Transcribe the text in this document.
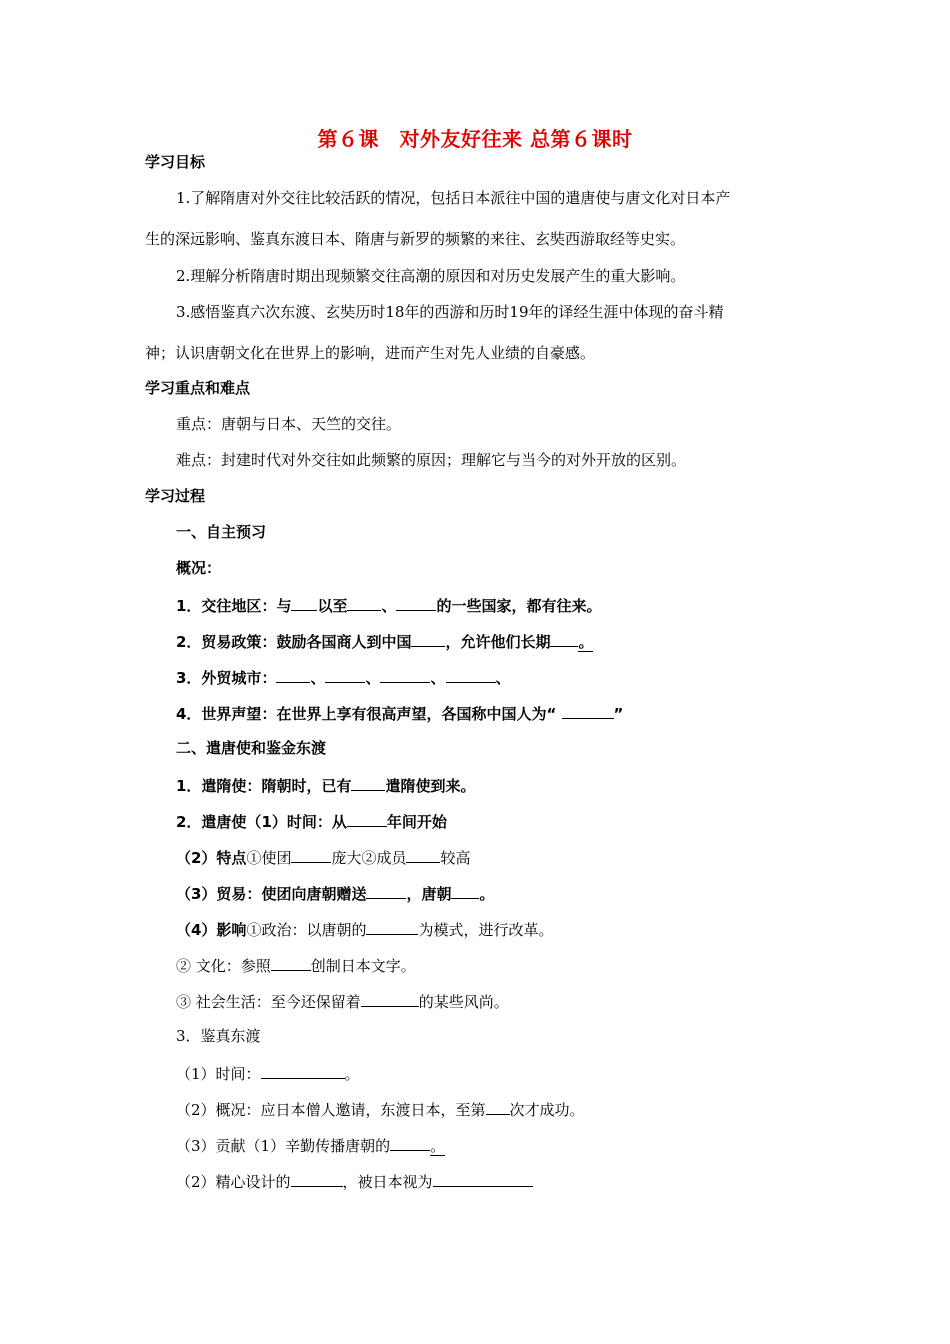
第６课　对外友好往来 总第６课时
学习目标
1.了解隋唐对外交往比较活跃的情况，包括日本派往中国的遣唐使与唐文化对日本产
生的深远影响、鉴真东渡日本、隋唐与新罗的频繁的来往、玄奘西游取经等史实。
2.理解分析隋唐时期出现频繁交往高潮的原因和对历史发展产生的重大影响。
3.感悟鉴真六次东渡、玄奘历时18年的西游和历时19年的译经生涯中体现的奋斗精
神；认识唐朝文化在世界上的影响，进而产生对先人业绩的自豪感。
学习重点和难点
重点：唐朝与日本、天竺的交往。
难点：封建时代对外交往如此频繁的原因；理解它与当今的对外开放的区别。
学习过程
一、自主预习
概况：
1．交往地区：与 以至 、	的一些国家，都有往来。
2．贸易政策：鼓励各国商人到中国 ，允许他们长期 。
3．外贸城市： 、	、	、	、
4．世界声望：在世界上享有很高声望，各国称中国人为“	”
二、遣唐使和鉴金东渡
1．遣隋使：隋朝时，已有 遣隋使到来。
2．遣唐使（1）时间：从	年间开始
（2）特点①使团	庞大②成员 较高
（3）贸易：使团向唐朝赠送	，唐朝 。
（4）影响①政治：以唐朝的	为模式，进行改革。
② 文化：参照	创制日本文字。
③ 社会生活：至今还保留着	的某些风尚。
3．鉴真东渡
（1）时间：	。
（2）概况：应日本僧人邀请，东渡日本，至第 次才成功。
（3）贡献（1）辛勤传播唐朝的	。
（2）精心设计的	，被日本视为
